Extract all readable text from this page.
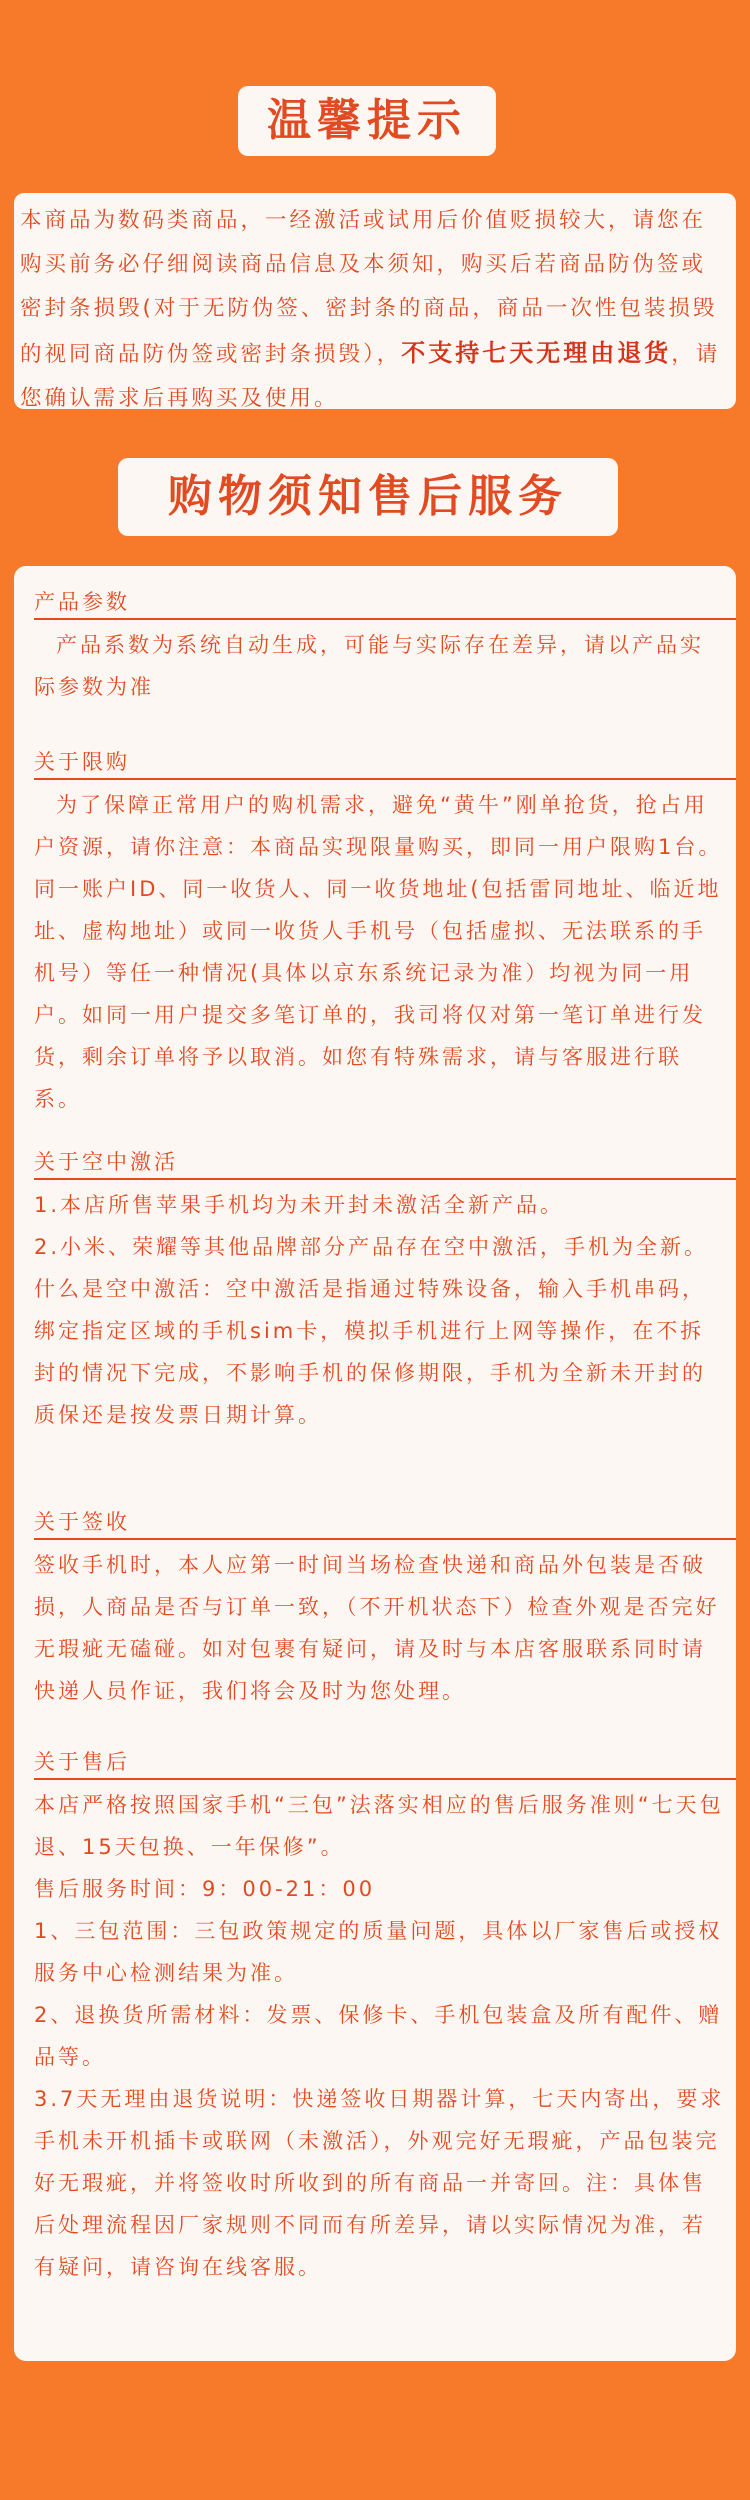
温馨提示
本商品为数码类商品，一经激活或试用后价值贬损较大，请您在购买前务必仔细阅读商品信息及本须知，购买后若商品防伪签或密封条损毁(对于无防伪签、密封条的商品，商品一次性包装损毁的视同商品防伪签或密封条损毁），不支持七天无理由退货，请您确认需求后再购买及使用。
购物须知售后服务
产品参数

产品系数为系统自动生成，可能与实际存在差异，请以产品实际参数为准

关于限购

为了保障正常用户的购机需求，避免“黄牛”刚单抢货，抢占用户资源，请你注意：本商品实现限量购买，即同一用户限购1台。同一账户ID、同一收货人、同一收货地址(包括雷同地址、临近地址、虚构地址）或同一收货人手机号（包括虚拟、无法联系的手机号）等任一种情况(具体以京东系统记录为准）均视为同一用户。如同一用户提交多笔订单的，我司将仅对第一笔订单进行发货，剩余订单将予以取消。如您有特殊需求，请与客服进行联系。

关于空中激活

1.本店所售苹果手机均为未开封未激活全新产品。

2.小米、荣耀等其他品牌部分产品存在空中激活，手机为全新。

什么是空中激活：空中激活是指通过特殊设备，输入手机串码，绑定指定区域的手机sim卡，模拟手机进行上网等操作，在不拆封的情况下完成，不影响手机的保修期限，手机为全新未开封的质保还是按发票日期计算。

关于签收

签收手机时，本人应第一时间当场检查快递和商品外包装是否破损，人商品是否与订单一致，（不开机状态下）检查外观是否完好无瑕疵无磕碰。如对包裹有疑问，请及时与本店客服联系同时请快递人员作证，我们将会及时为您处理。

关于售后

本店严格按照国家手机“三包”法落实相应的售后服务准则“七天包退、15天包换、一年保修”。

售后服务时间：9：00-21：00

1、三包范围：三包政策规定的质量问题，具体以厂家售后或授权服务中心检测结果为准。

2、退换货所需材料：发票、保修卡、手机包装盒及所有配件、赠品等。

3.7天无理由退货说明：快递签收日期器计算，七天内寄出，要求手机未开机插卡或联网（未激活），外观完好无瑕疵，产品包装完好无瑕疵，并将签收时所收到的所有商品一并寄回。注：具体售后处理流程因厂家规则不同而有所差异，请以实际情况为准，若有疑问，请咨询在线客服。
